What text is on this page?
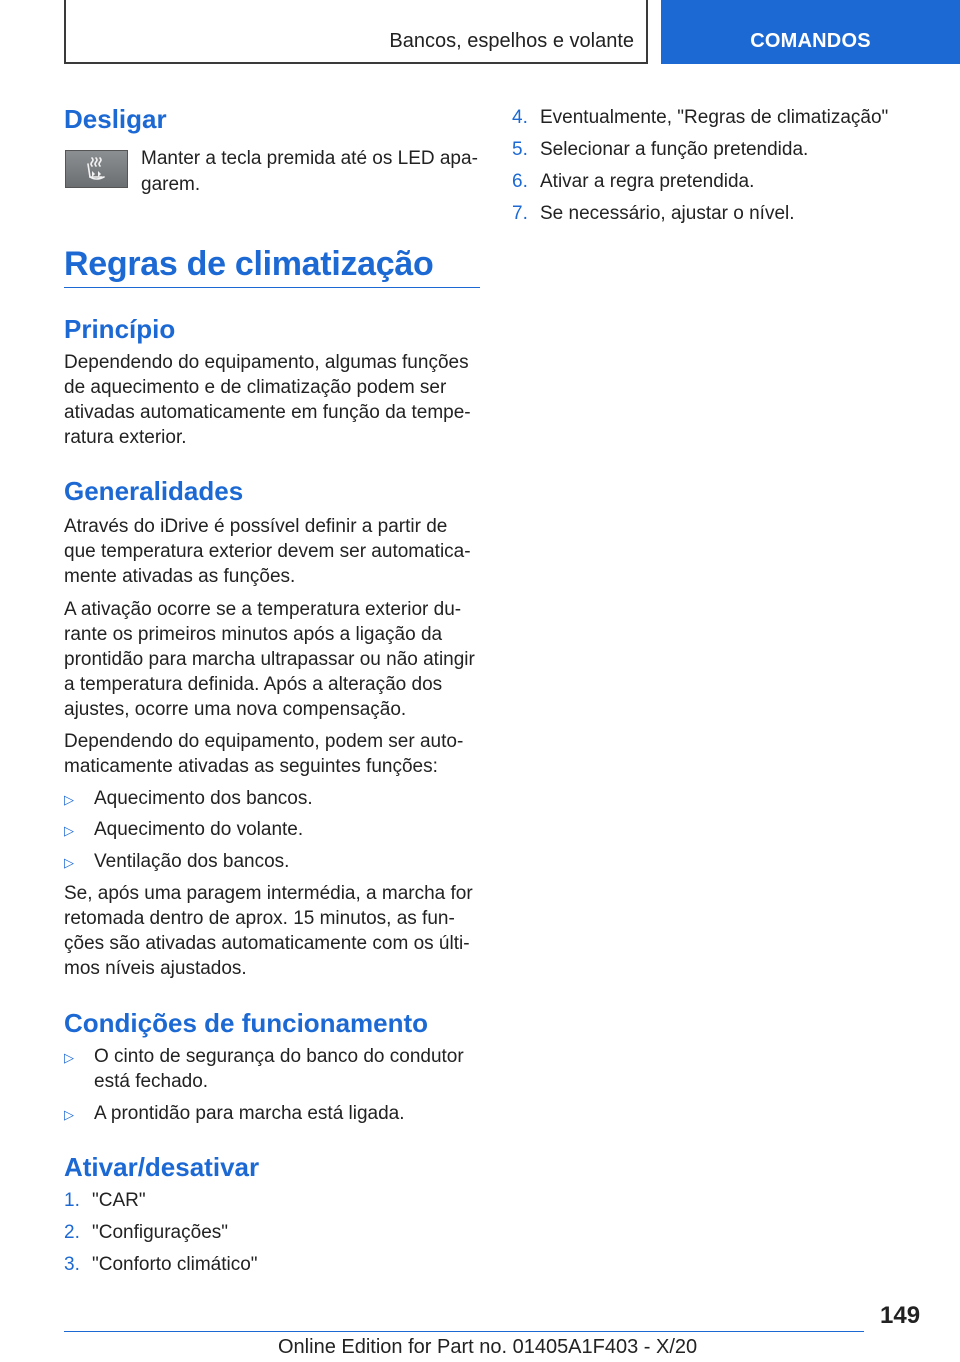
Bancos, espelhos e volante	COMANDOS
Desligar

Manter a tecla premida até os LED apa-

garem.

Regras de climatização
Princípio

Dependendo do equipamento, algumas funções

de aquecimento e de climatização podem ser

ativadas automaticamente em função da tempe-

ratura exterior.

Generalidades

Através do iDrive é possível definir a partir de

que temperatura exterior devem ser automatica-

mente ativadas as funções.

A ativação ocorre se a temperatura exterior du-

rante os primeiros minutos após a ligação da

prontidão para marcha ultrapassar ou não atingir

a temperatura definida. Após a alteração dos

ajustes, ocorre uma nova compensação.

Dependendo do equipamento, podem ser auto-

maticamente ativadas as seguintes funções:

▷ Aquecimento dos bancos.
▷ Aquecimento do volante.
▷ Ventilação dos bancos.

Se, após uma paragem intermédia, a marcha for

retomada dentro de aprox. 15 minutos, as fun-

ções são ativadas automaticamente com os últi-

mos níveis ajustados.

Condições de funcionamento
▷ O cinto de segurança do banco do condutor
está fechado.
▷ A prontidão para marcha está ligada.
Ativar/desativar
1. "CAR"
2. "Configurações"
3. "Conforto climático"
4. Eventualmente, "Regras de climatização"
5. Selecionar a função pretendida.
6. Ativar a regra pretendida.
7. Se necessário, ajustar o nível.
149
Online Edition for Part no. 01405A1F403 - X/20
